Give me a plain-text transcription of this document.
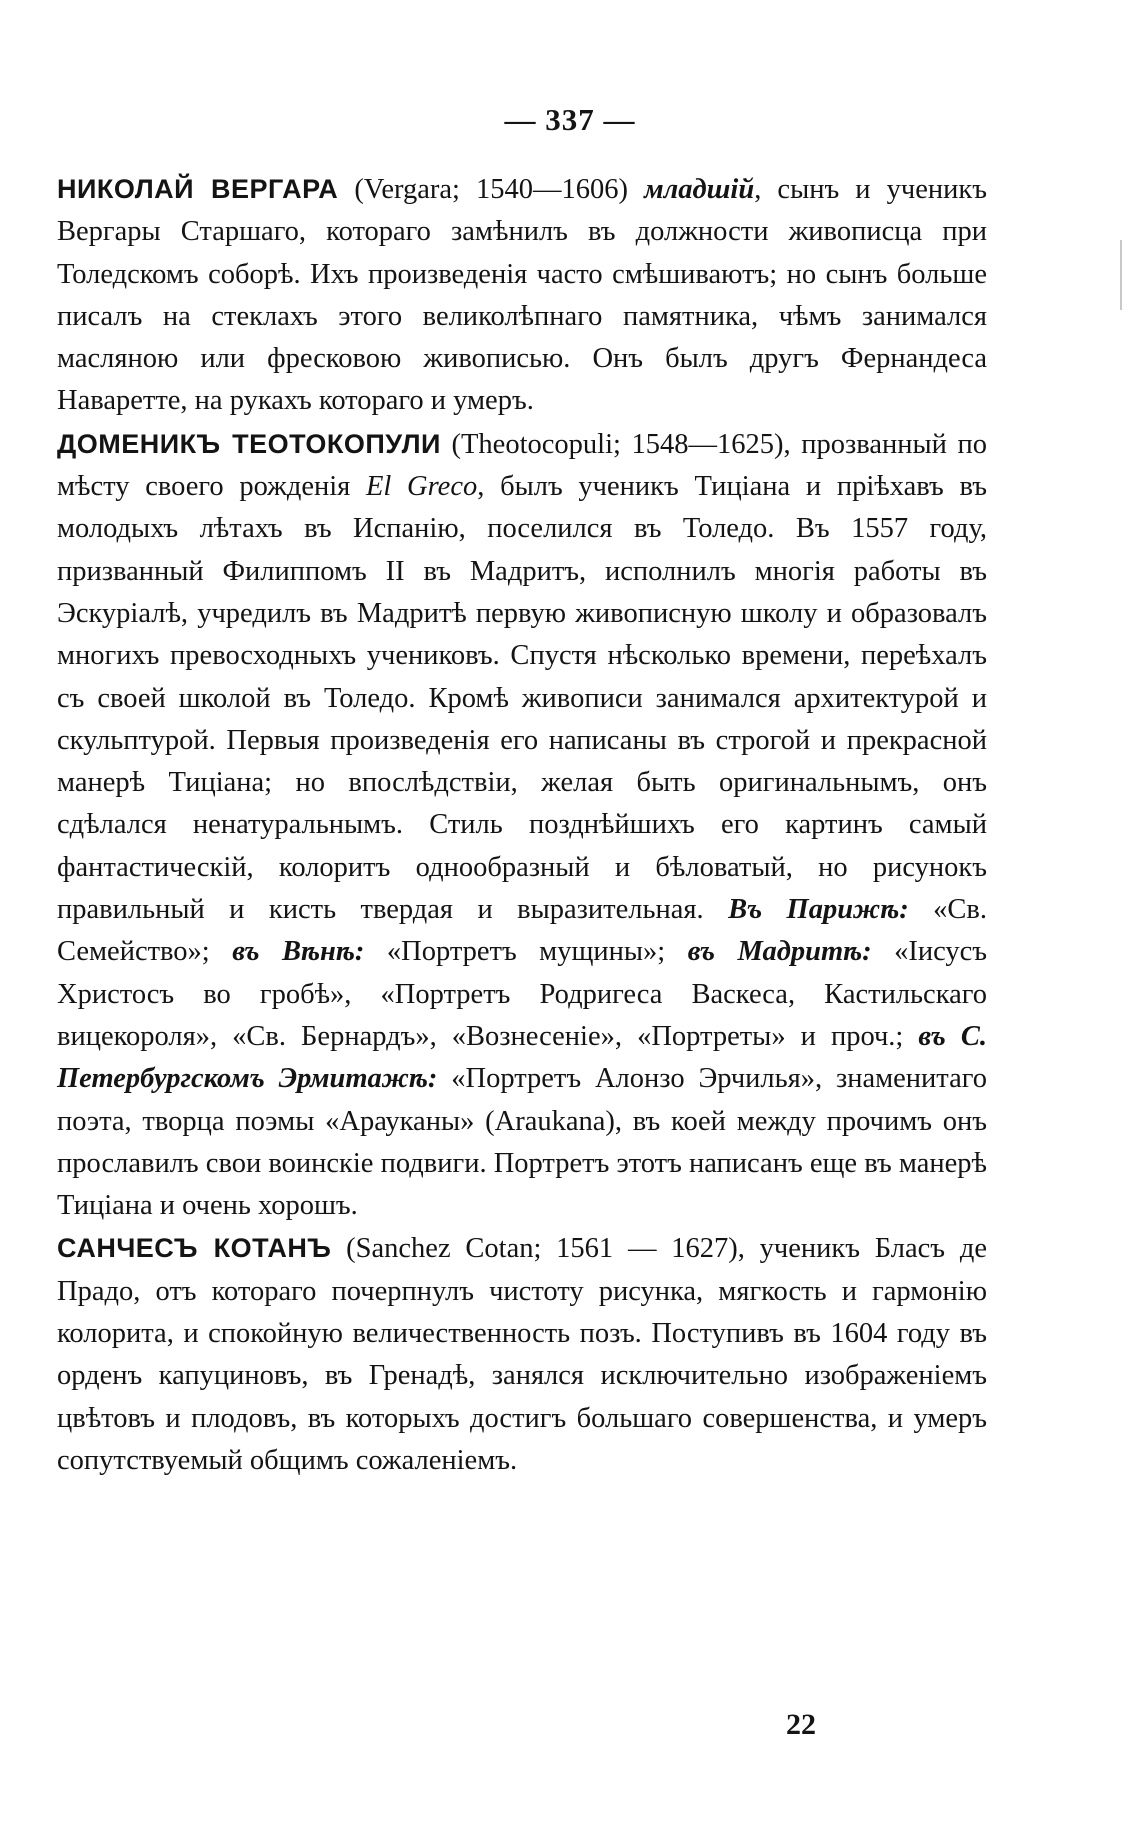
— 337 —

НИКОЛАЙ ВЕРГАРА (Vergara; 1540—1606) младшій, сынъ и ученикъ Вергары Старшаго, котораго замѣнилъ въ должности живописца при Толедскомъ соборѣ. Ихъ произведенія часто смѣшиваютъ; но сынъ больше писалъ на стеклахъ этого великолѣпнаго памятника, чѣмъ занимался масляною или фресковою живописью. Онъ былъ другъ Фернандеса Наваретте, на рукахъ котораго и умеръ.

ДОМЕНИКЪ ТЕОТОКОПУЛИ (Theotocopuli; 1548—1625), прозванный по мѣсту своего рожденія El Greco, былъ ученикъ Тиціана и пріѣхавъ въ молодыхъ лѣтахъ въ Испанію, поселился въ Толедо. Въ 1557 году, призванный Филиппомъ II въ Мадритъ, исполнилъ многія работы въ Эскуріалѣ, учредилъ въ Мадритѣ первую живописную школу и образовалъ многихъ превосходныхъ учениковъ. Спустя нѣсколько времени, переѣхалъ съ своей школой въ Толедо. Кромѣ живописи занимался архитектурой и скульптурой. Первыя произведенія его написаны въ строгой и прекрасной манерѣ Тиціана; но впослѣдствіи, желая быть оригинальнымъ, онъ сдѣлался ненатуральнымъ. Стиль позднѣйшихъ его картинъ самый фантастическій, колоритъ однообразный и бѣловатый, но рисунокъ правильный и кисть твердая и выразительная. Въ Парижѣ: «Св. Семейство»; въ Вѣнѣ: «Портретъ мущины»; въ Мадритѣ: «Іисусъ Христосъ во гробѣ», «Портретъ Родригеса Васкеса, Кастильскаго вицекороля», «Св. Бернардъ», «Вознесеніе», «Портреты» и проч.; въ С. Петербургскомъ Эрмитажѣ: «Портретъ Алонзо Эрчилья», знаменитаго поэта, творца поэмы «Арауканы» (Araukana), въ коей между прочимъ онъ прославилъ свои воинскіе подвиги. Портретъ этотъ написанъ еще въ манерѣ Тиціана и очень хорошъ.

САНЧЕСЪ КОТАНЪ (Sanchez Cotan; 1561 — 1627), ученикъ Бласъ де Прадо, отъ котораго почерпнулъ чистоту рисунка, мягкость и гармонію колорита, и спокойную величественность позъ. Поступивъ въ 1604 году въ орденъ капуциновъ, въ Гренадѣ, занялся исключительно изображеніемъ цвѣтовъ и плодовъ, въ которыхъ достигъ большаго совершенства, и умеръ сопутствуемый общимъ сожаленіемъ.

22
